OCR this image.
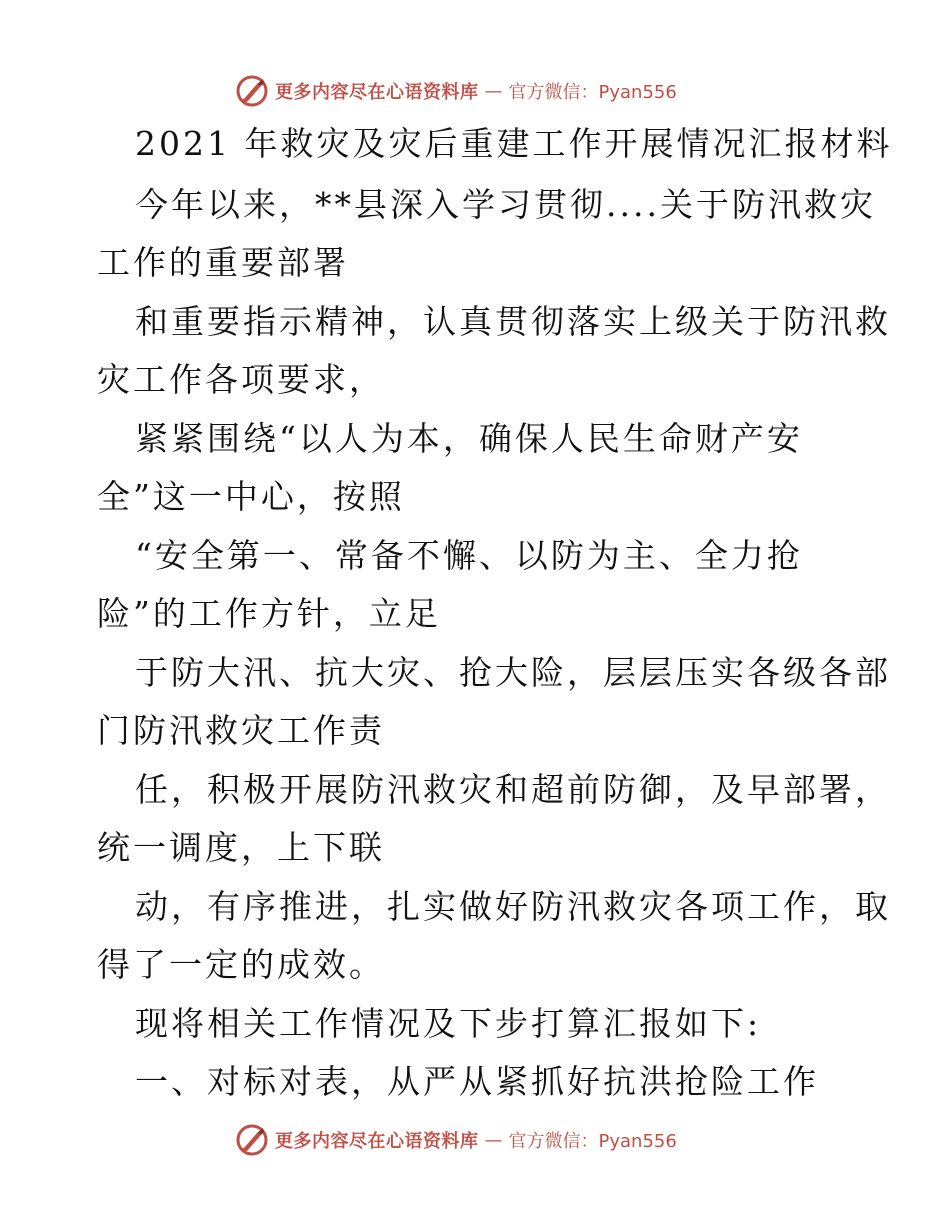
更多内容尽在心语资料库 — 官方微信：Pyan556
2021 年救灾及灾后重建工作开展情况汇报材料
今年以来，**县深入学习贯彻....关于防汛救灾
工作的重要部署
和重要指示精神，认真贯彻落实上级关于防汛救
灾工作各项要求，
紧紧围绕“以人为本，确保人民生命财产安
全”这一中心，按照
“安全第一、常备不懈、以防为主、全力抢
险”的工作方针，立足
于防大汛、抗大灾、抢大险，层层压实各级各部
门防汛救灾工作责
任，积极开展防汛救灾和超前防御，及早部署，
统一调度，上下联
动，有序推进，扎实做好防汛救灾各项工作，取
得了一定的成效。
现将相关工作情况及下步打算汇报如下:
一、对标对表，从严从紧抓好抗洪抢险工作
更多内容尽在心语资料库 — 官方微信：Pyan556
